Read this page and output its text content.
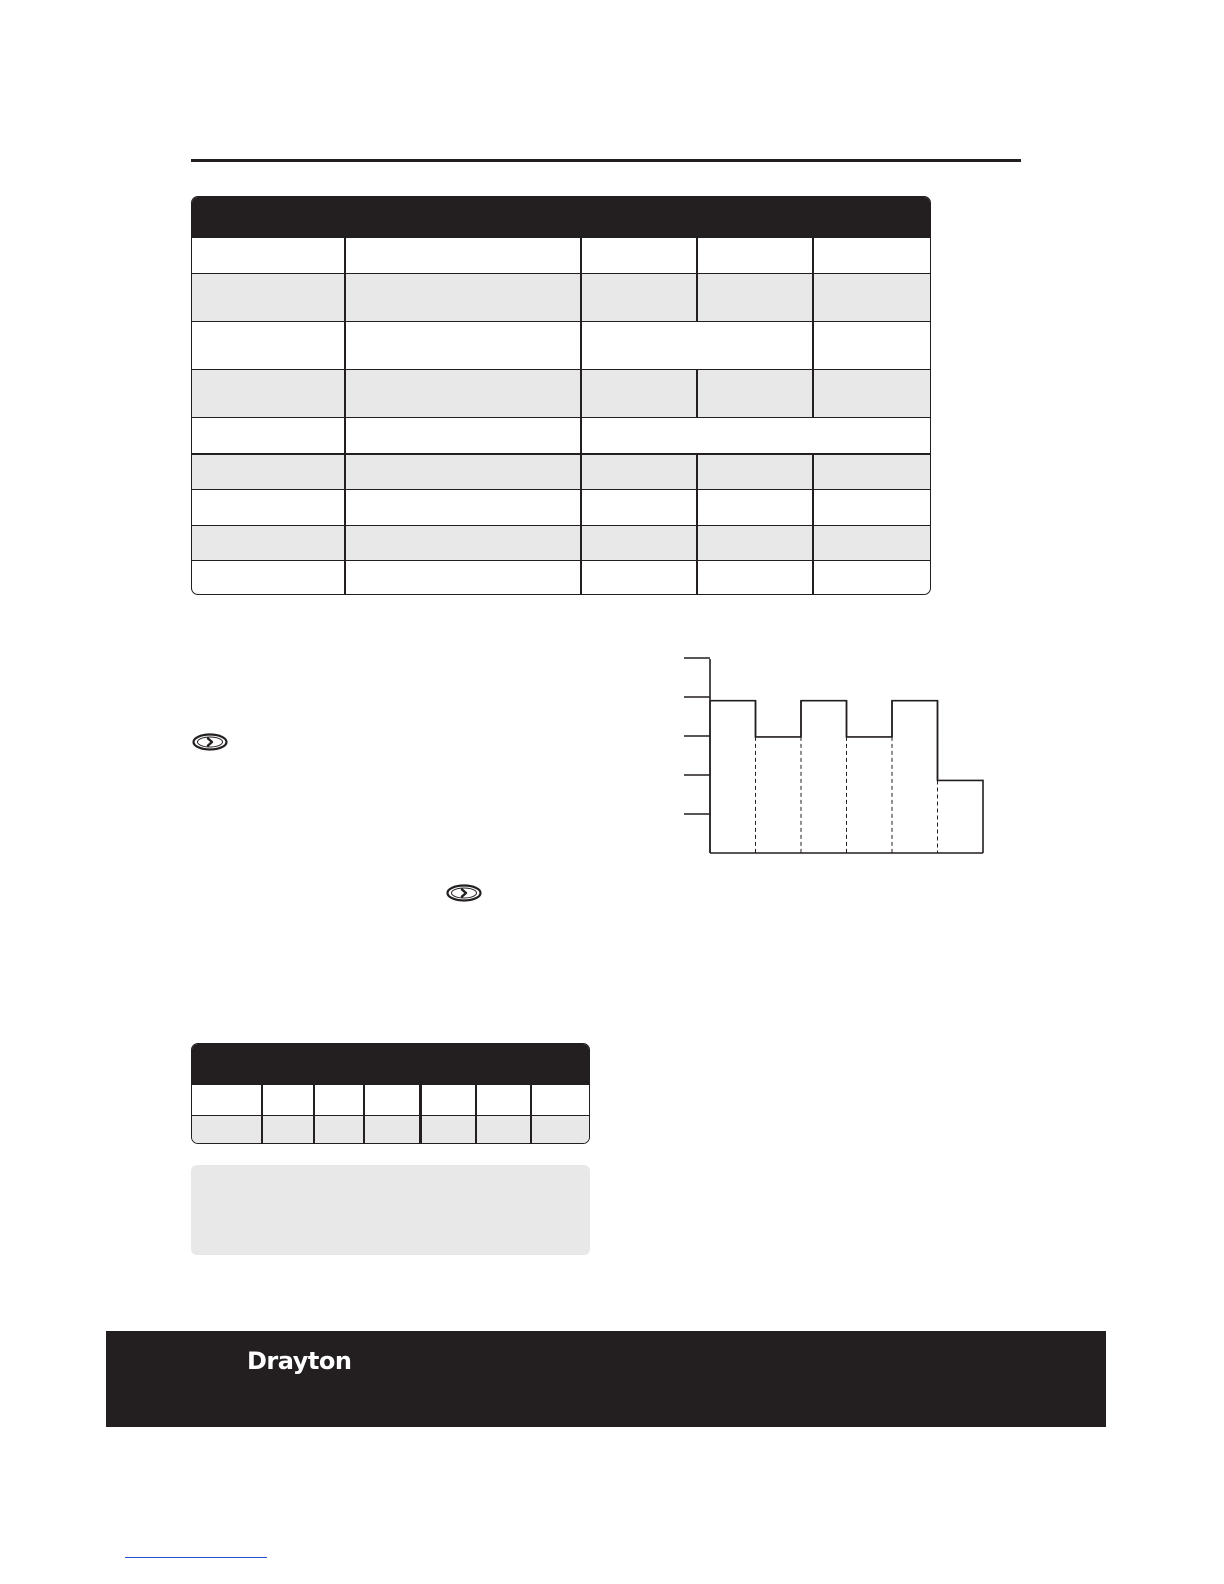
Drayton
